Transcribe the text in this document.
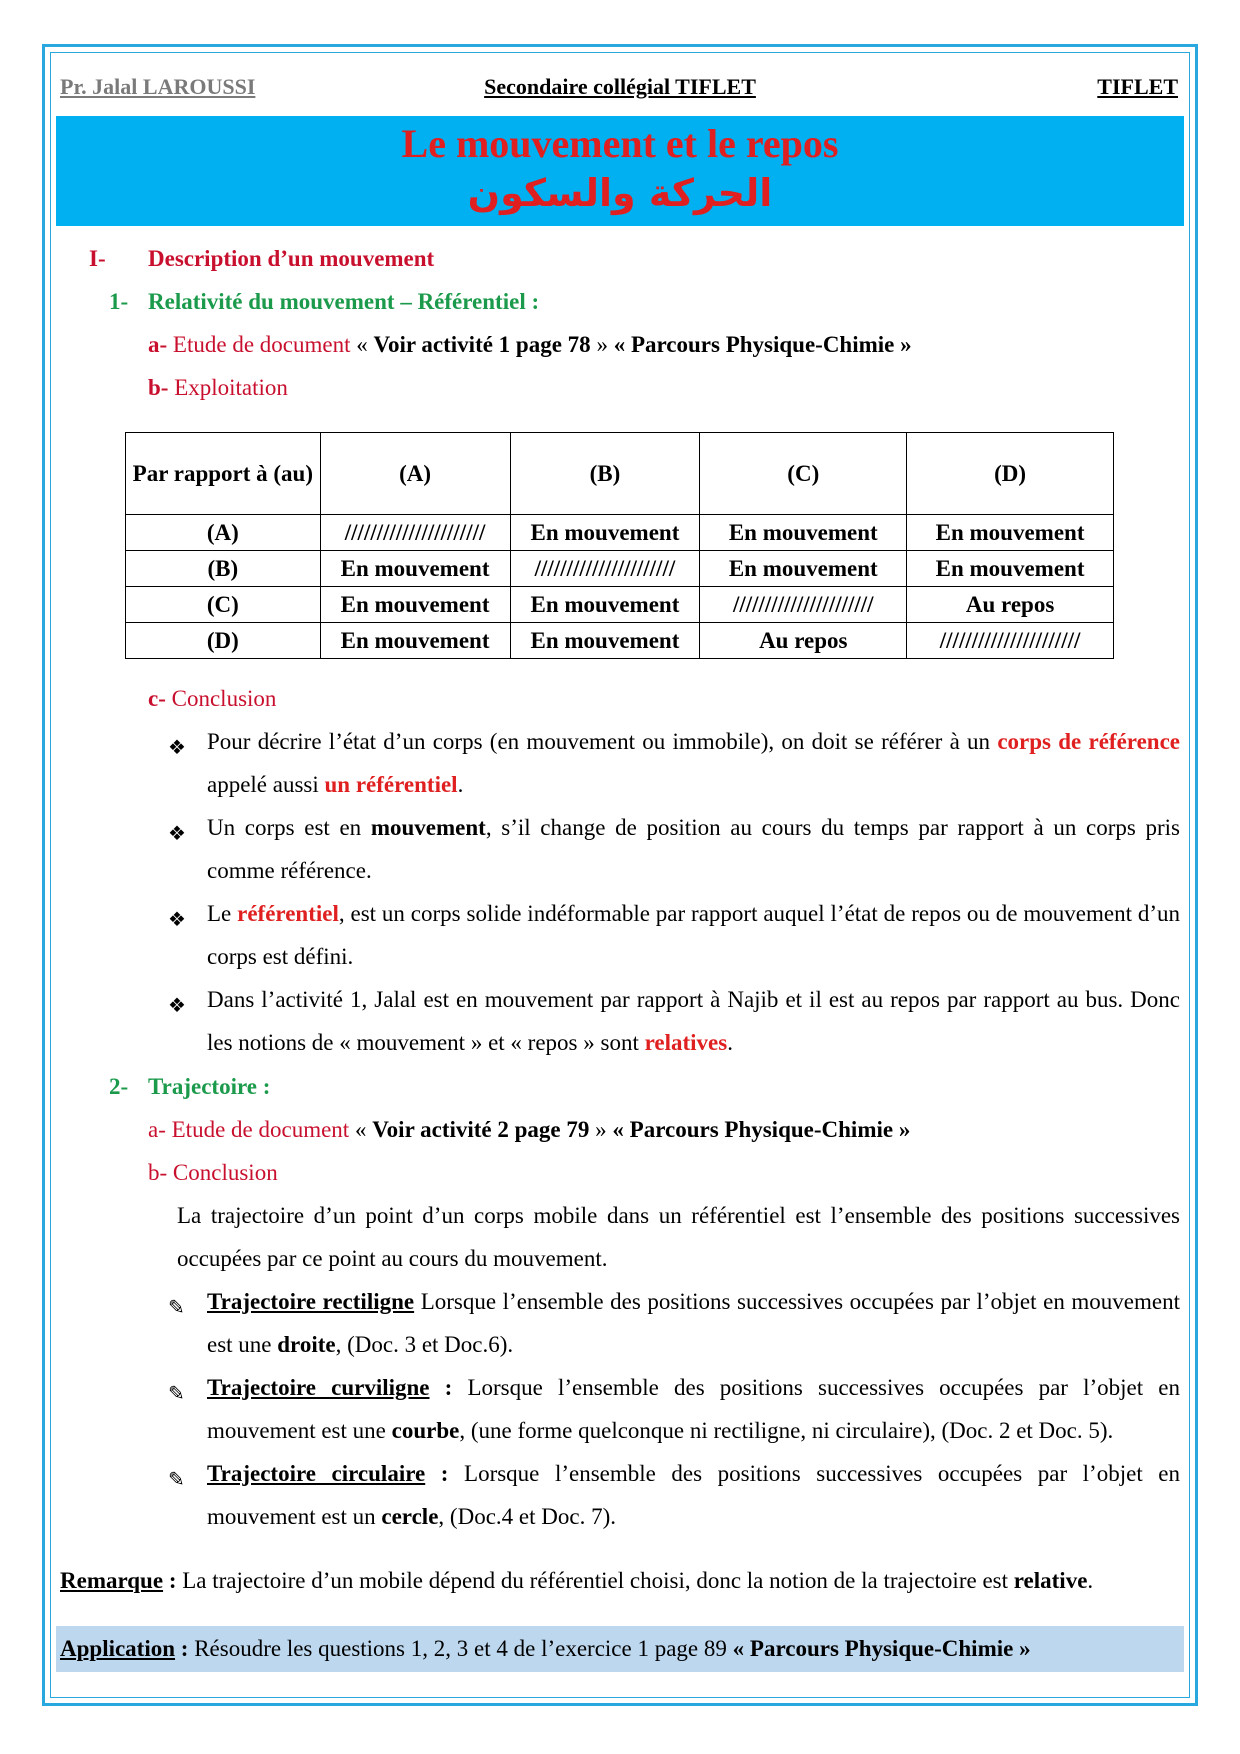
Pr. Jalal LAROUSSI	Secondaire collégial TIFLET	TIFLET
Le mouvement et le repos
الحركة والسكون
I- Description d’un mouvement
1- Relativité du mouvement – Référentiel :
a- Etude de document « Voir activité 1 page 78 » « Parcours Physique-Chimie »
b- Exploitation
Par rapport à (au)	(A)	(B)	(C)	(D)
(A)	//////////////////////	En mouvement	En mouvement	En mouvement
(B)	En mouvement	//////////////////////	En mouvement	En mouvement
(C)	En mouvement	En mouvement	//////////////////////	Au repos
(D)	En mouvement	En mouvement	Au repos	//////////////////////
c- Conclusion
❖ Pour décrire l’état d’un corps (en mouvement ou immobile), on doit se référer à un corps de référence appelé aussi un référentiel.
❖ Un corps est en mouvement, s’il change de position au cours du temps par rapport à un corps pris comme référence.
❖ Le référentiel, est un corps solide indéformable par rapport auquel l’état de repos ou de mouvement d’un corps est défini.
❖ Dans l’activité 1, Jalal est en mouvement par rapport à Najib et il est au repos par rapport au bus. Donc les notions de « mouvement » et « repos » sont relatives.
2- Trajectoire :
a- Etude de document « Voir activité 2 page 79 » « Parcours Physique-Chimie »
b- Conclusion
La trajectoire d’un point d’un corps mobile dans un référentiel est l’ensemble des positions successives occupées par ce point au cours du mouvement.
✎ Trajectoire rectiligne Lorsque l’ensemble des positions successives occupées par l’objet en mouvement est une droite, (Doc. 3 et Doc.6).
✎ Trajectoire curviligne : Lorsque l’ensemble des positions successives occupées par l’objet en mouvement est une courbe, (une forme quelconque ni rectiligne, ni circulaire), (Doc. 2 et Doc. 5).
✎ Trajectoire circulaire : Lorsque l’ensemble des positions successives occupées par l’objet en mouvement est un cercle, (Doc.4 et Doc. 7).
Remarque : La trajectoire d’un mobile dépend du référentiel choisi, donc la notion de la trajectoire est relative.
Application : Résoudre les questions 1, 2, 3 et 4 de l’exercice 1 page 89 « Parcours Physique-Chimie »
